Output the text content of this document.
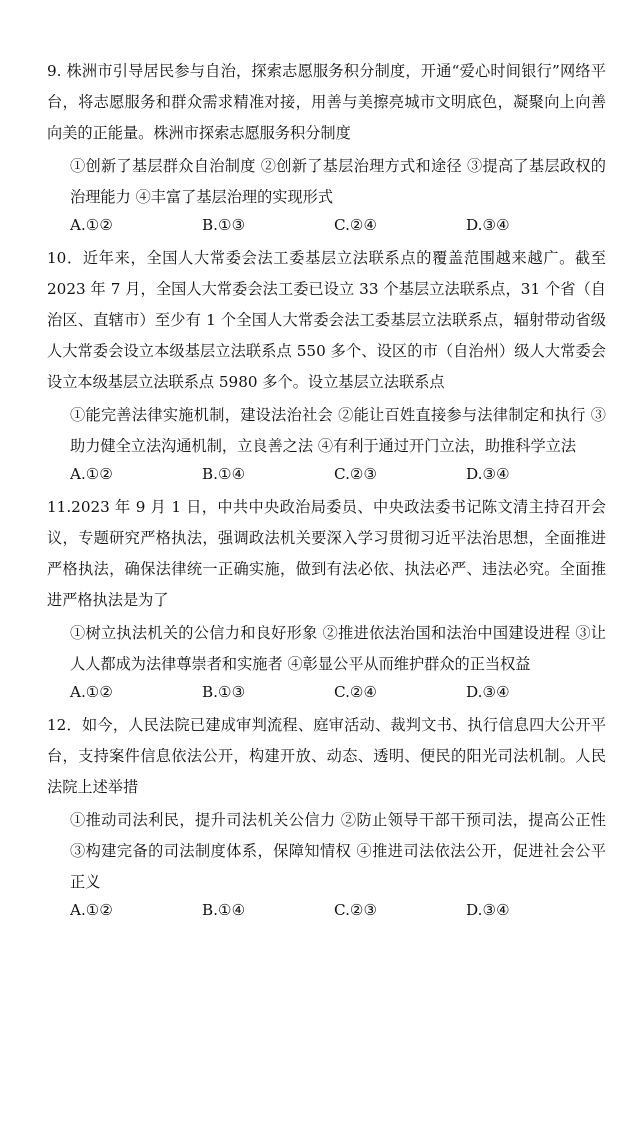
9. 株洲市引导居民参与自治，探索志愿服务积分制度，开通“爱心时间银行”网络平台，将志愿服务和群众需求精准对接，用善与美擦亮城市文明底色，凝聚向上向善向美的正能量。株洲市探索志愿服务积分制度

①创新了基层群众自治制度 ②创新了基层治理方式和途径 ③提高了基层政权的治理能力 ④丰富了基层治理的实现形式

A.①②	B.①③	C.②④	D.③④

10．近年来，全国人大常委会法工委基层立法联系点的覆盖范围越来越广。截至 2023 年 7 月，全国人大常委会法工委已设立 33 个基层立法联系点，31 个省（自治区、直辖市）至少有 1 个全国人大常委会法工委基层立法联系点，辐射带动省级人大常委会设立本级基层立法联系点 550 多个、设区的市（自治州）级人大常委会设立本级基层立法联系点 5980 多个。设立基层立法联系点

①能完善法律实施机制，建设法治社会 ②能让百姓直接参与法律制定和执行 ③助力健全立法沟通机制，立良善之法 ④有利于通过开门立法，助推科学立法

A.①②	B.①④	C.②③	D.③④

11.2023 年 9 月 1 日，中共中央政治局委员、中央政法委书记陈文清主持召开会议，专题研究严格执法，强调政法机关要深入学习贯彻习近平法治思想，全面推进严格执法，确保法律统一正确实施，做到有法必依、执法必严、违法必究。全面推进严格执法是为了

①树立执法机关的公信力和良好形象 ②推进依法治国和法治中国建设进程 ③让人人都成为法律尊崇者和实施者 ④彰显公平从而维护群众的正当权益

A.①②	B.①③	C.②④	D.③④

12．如今，人民法院已建成审判流程、庭审活动、裁判文书、执行信息四大公开平台，支持案件信息依法公开，构建开放、动态、透明、便民的阳光司法机制。人民法院上述举措

①推动司法利民，提升司法机关公信力 ②防止领导干部干预司法，提高公正性 ③构建完备的司法制度体系，保障知情权 ④推进司法依法公开，促进社会公平正义

A.①②	B.①④	C.②③	D.③④
